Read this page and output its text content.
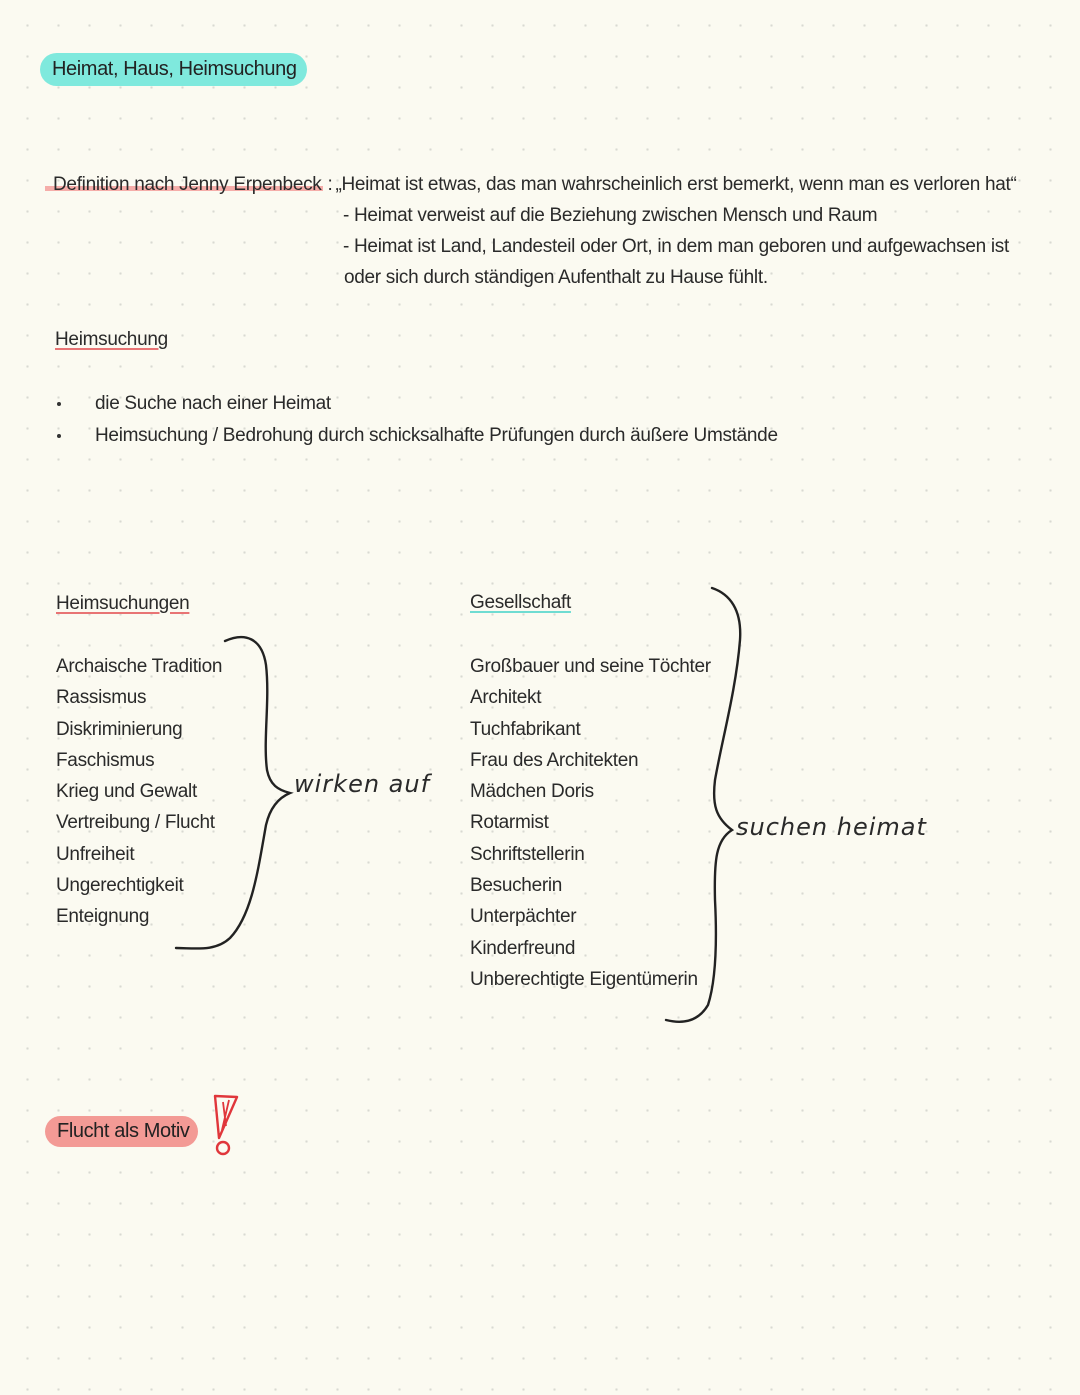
Heimat, Haus, Heimsuchung
Definition nach Jenny Erpenbeck : „Heimat ist etwas, das man wahrscheinlich erst bemerkt, wenn man es verloren hat“
- Heimat verweist auf die Beziehung zwischen Mensch und Raum
- Heimat ist Land, Landesteil oder Ort, in dem man geboren und aufgewachsen ist
oder sich durch ständigen Aufenthalt zu Hause fühlt.
Heimsuchung
die Suche nach einer Heimat
Heimsuchung / Bedrohung durch schicksalhafte Prüfungen durch äußere Umstände
Heimsuchungen
Archaische Tradition
Rassismus
Diskriminierung
Faschismus
Krieg und Gewalt
Vertreibung / Flucht
Unfreiheit
Ungerechtigkeit
Enteignung
wirken auf
Gesellschaft
Großbauer und seine Töchter
Architekt
Tuchfabrikant
Frau des Architekten
Mädchen Doris
Rotarmist
Schriftstellerin
Besucherin
Unterpächter
Kinderfreund
Unberechtigte Eigentümerin
suchen heimat
Flucht als Motiv
